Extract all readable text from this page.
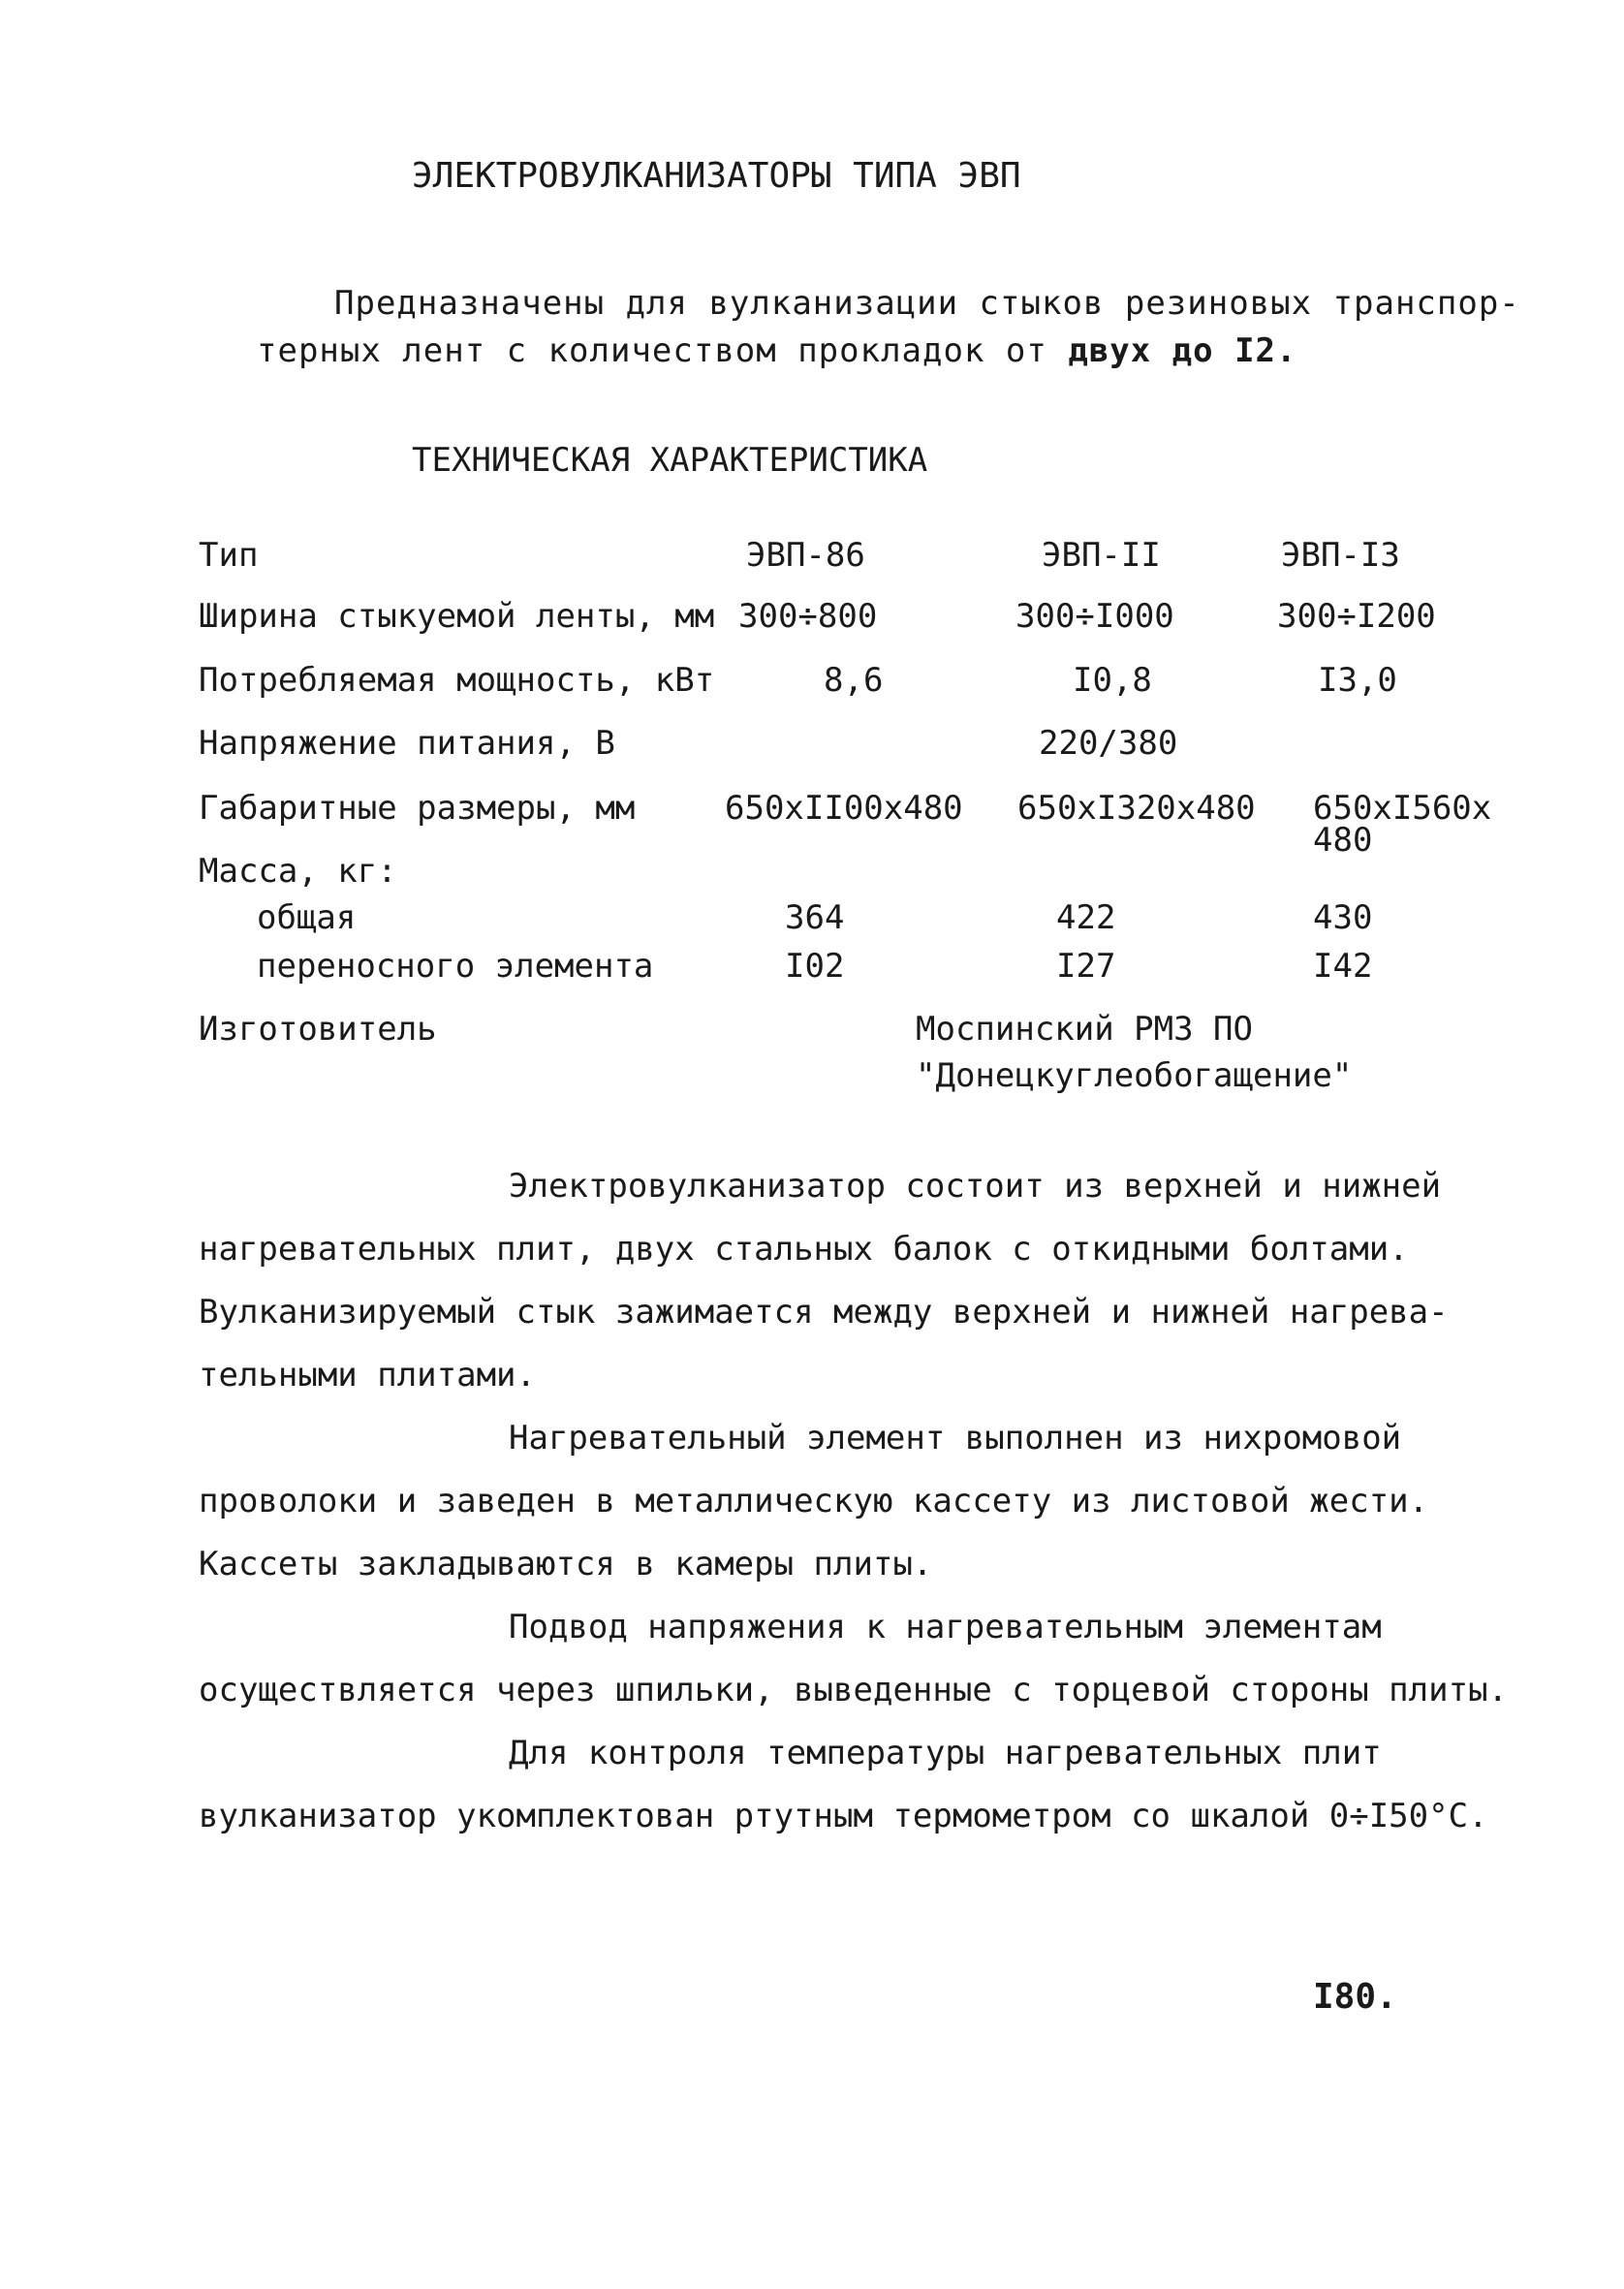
ЭЛЕКТРОВУЛКАНИЗАТОРЫ ТИПА ЭВП
Предназначены для вулканизации стыков резиновых транспор-
терных лент с количеством прокладок от двух до I2.
ТЕХНИЧЕСКАЯ ХАРАКТЕРИСТИКА
Тип	ЭВП-86	ЭВП-II	ЭВП-I3
Ширина стыкуемой ленты, мм 300÷800	300÷I000	300÷I200
Потребляемая мощность, кВт	8,6	I0,8	I3,0
Напряжение питания, В	220/380
Габаритные размеры, мм	650xII00x480 650xI320x480 650xI560x
480
Масса, кг:
общая	364	422	430
переносного элемента	I02	I27	I42
Изготовитель	Моспинский РМЗ ПО
"Донецкуглеобогащение"
Электровулканизатор состоит из верхней и нижней
нагревательных плит, двух стальных балок с откидными болтами.
Вулканизируемый стык зажимается между верхней и нижней нагрева-
тельными плитами.
Нагревательный элемент выполнен из нихромовой
проволоки и заведен в металлическую кассету из листовой жести.
Кассеты закладываются в камеры плиты.
Подвод напряжения к нагревательным элементам
осуществляется через шпильки, выведенные с торцевой стороны плиты.
Для контроля температуры нагревательных плит
вулканизатор укомплектован ртутным термометром со шкалой 0÷I50°С.
I80.
